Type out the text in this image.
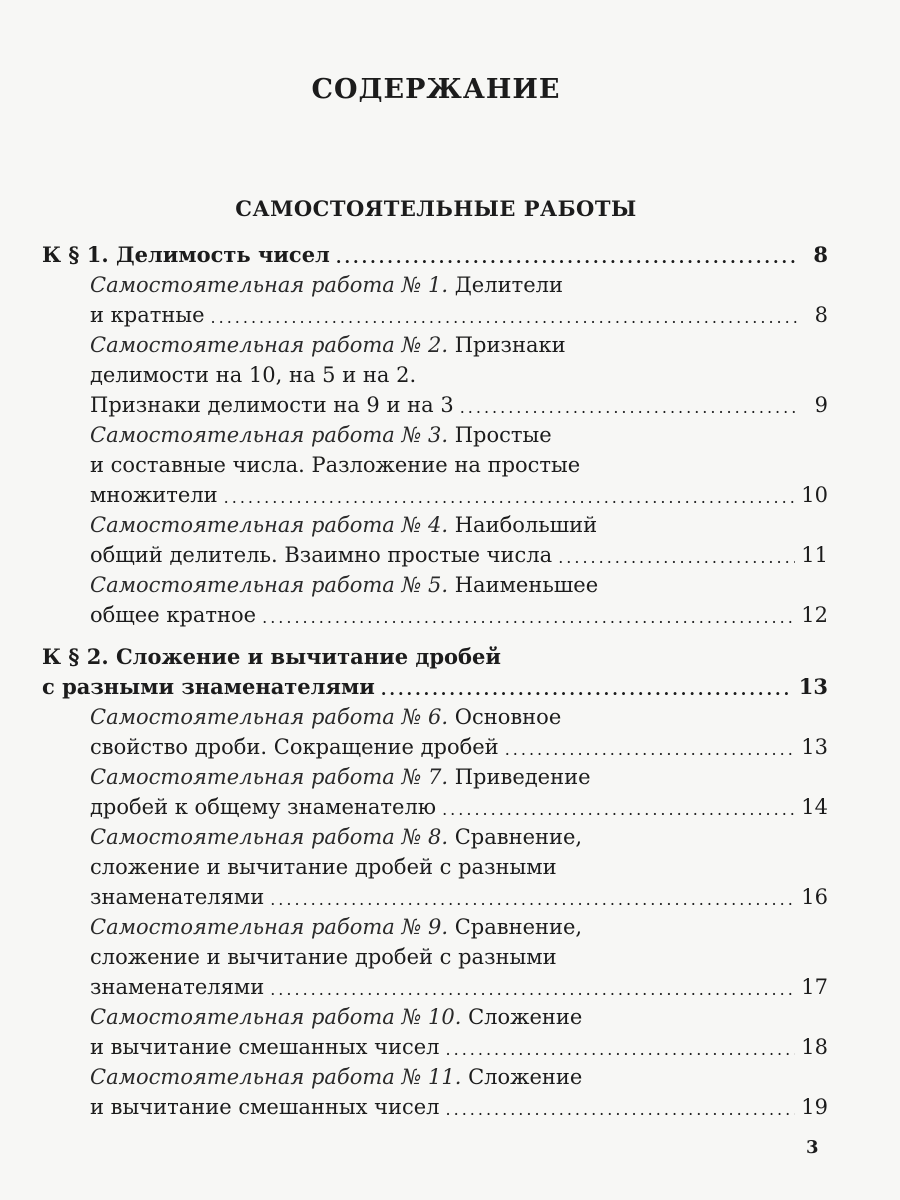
СОДЕРЖАНИЕ
САМОСТОЯТЕЛЬНЫЕ РАБОТЫ
К § 1. Делимость чисел .....	8
Самостоятельная работа № 1. Делители
и кратные .....	8
Самостоятельная работа № 2. Признаки
делимости на 10, на 5 и на 2.
Признаки делимости на 9 и на 3 .....	9
Самостоятельная работа № 3. Простые
и составные числа. Разложение на простые
множители .....	10
Самостоятельная работа № 4. Наибольший
общий делитель. Взаимно простые числа .....	11
Самостоятельная работа № 5. Наименьшее
общее кратное .....	12
К § 2. Сложение и вычитание дробей
с разными знаменателями .....	13
Самостоятельная работа № 6. Основное
свойство дроби. Сокращение дробей .....	13
Самостоятельная работа № 7. Приведение
дробей к общему знаменателю .....	14
Самостоятельная работа № 8. Сравнение,
сложение и вычитание дробей с разными
знаменателями .....	16
Самостоятельная работа № 9. Сравнение,
сложение и вычитание дробей с разными
знаменателями .....	17
Самостоятельная работа № 10. Сложение
и вычитание смешанных чисел .....	18
Самостоятельная работа № 11. Сложение
и вычитание смешанных чисел .....	19
3
